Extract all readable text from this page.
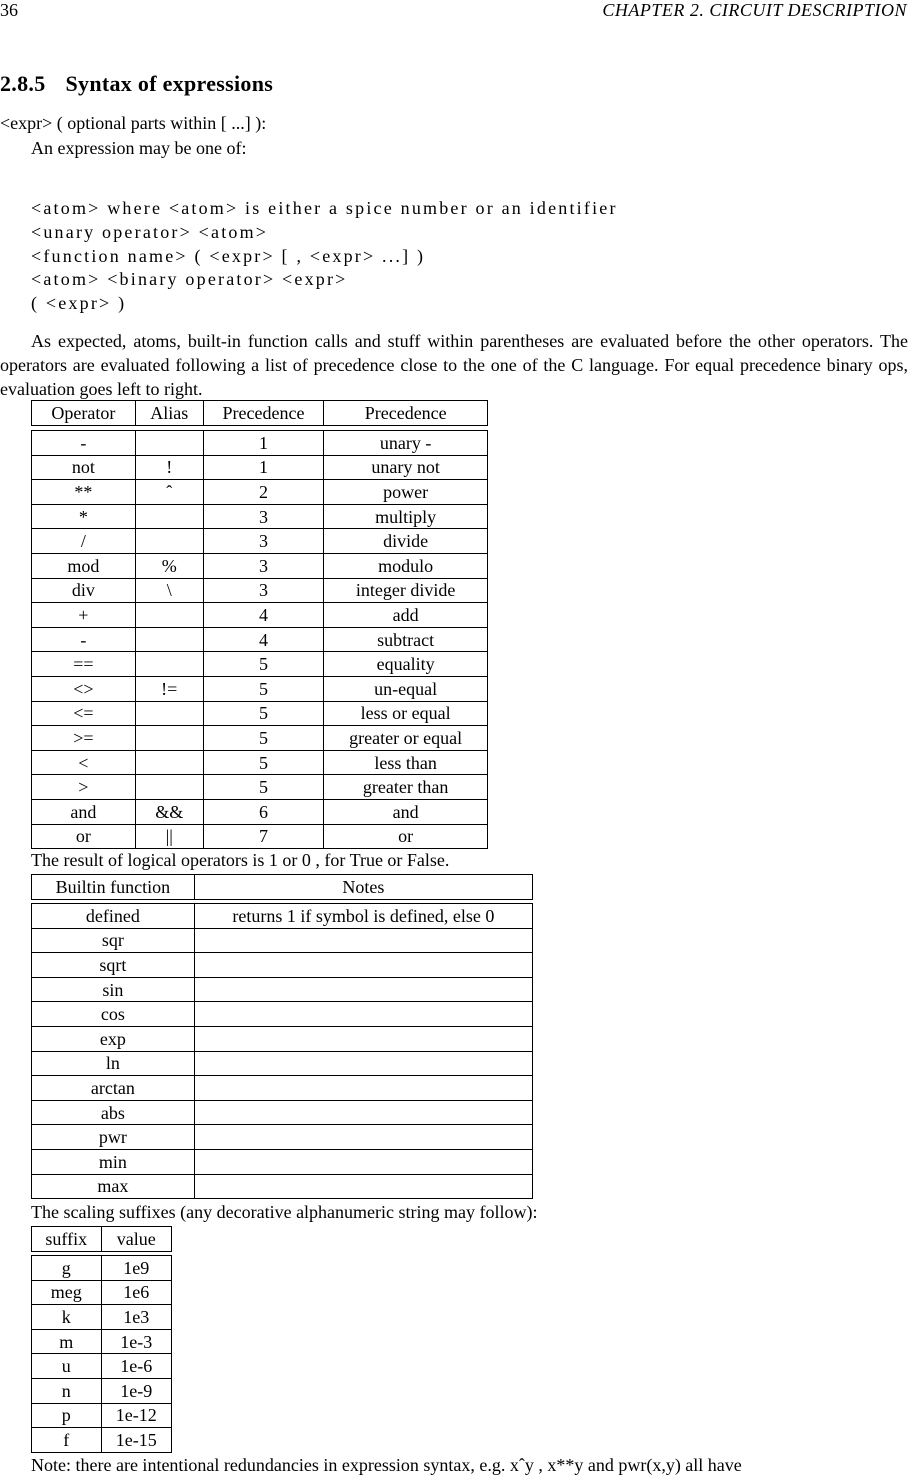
36	CHAPTER 2. CIRCUIT DESCRIPTION
2.8.5 Syntax of expressions
<expr> ( optional parts within [ ...] ):
An expression may be one of:
<atom> where <atom> is either a spice number or an identifier
<unary operator> <atom>
<function name> ( <expr> [ , <expr> ...] )
<atom> <binary operator> <expr>
( <expr> )
As expected, atoms, built-in function calls and stuff within parentheses are evaluated before the other operators. The operators are evaluated following a list of precedence close to the one of the C language. For equal precedence binary ops, evaluation goes left to right.
Operator	Alias	Precedence	Precedence
-		1	unary -
not	!	1	unary not
**	ˆ	2	power
*		3	multiply
/		3	divide
mod	%	3	modulo
div	\	3	integer divide
+		4	add
-		4	subtract
==		5	equality
<>	!=	5	un-equal
<=		5	less or equal
>=		5	greater or equal
<		5	less than
>		5	greater than
and	&&	6	and
or	||	7	or
The result of logical operators is 1 or 0 , for True or False.
Builtin function	Notes
defined	returns 1 if symbol is defined, else 0
sqr	
sqrt	
sin	
cos	
exp	
ln	
arctan	
abs	
pwr	
min	
max	
The scaling suffixes (any decorative alphanumeric string may follow):
suffix	value
g	1e9
meg	1e6
k	1e3
m	1e-3
u	1e-6
n	1e-9
p	1e-12
f	1e-15
Note: there are intentional redundancies in expression syntax, e.g. xˆy , x**y and pwr(x,y) all have
